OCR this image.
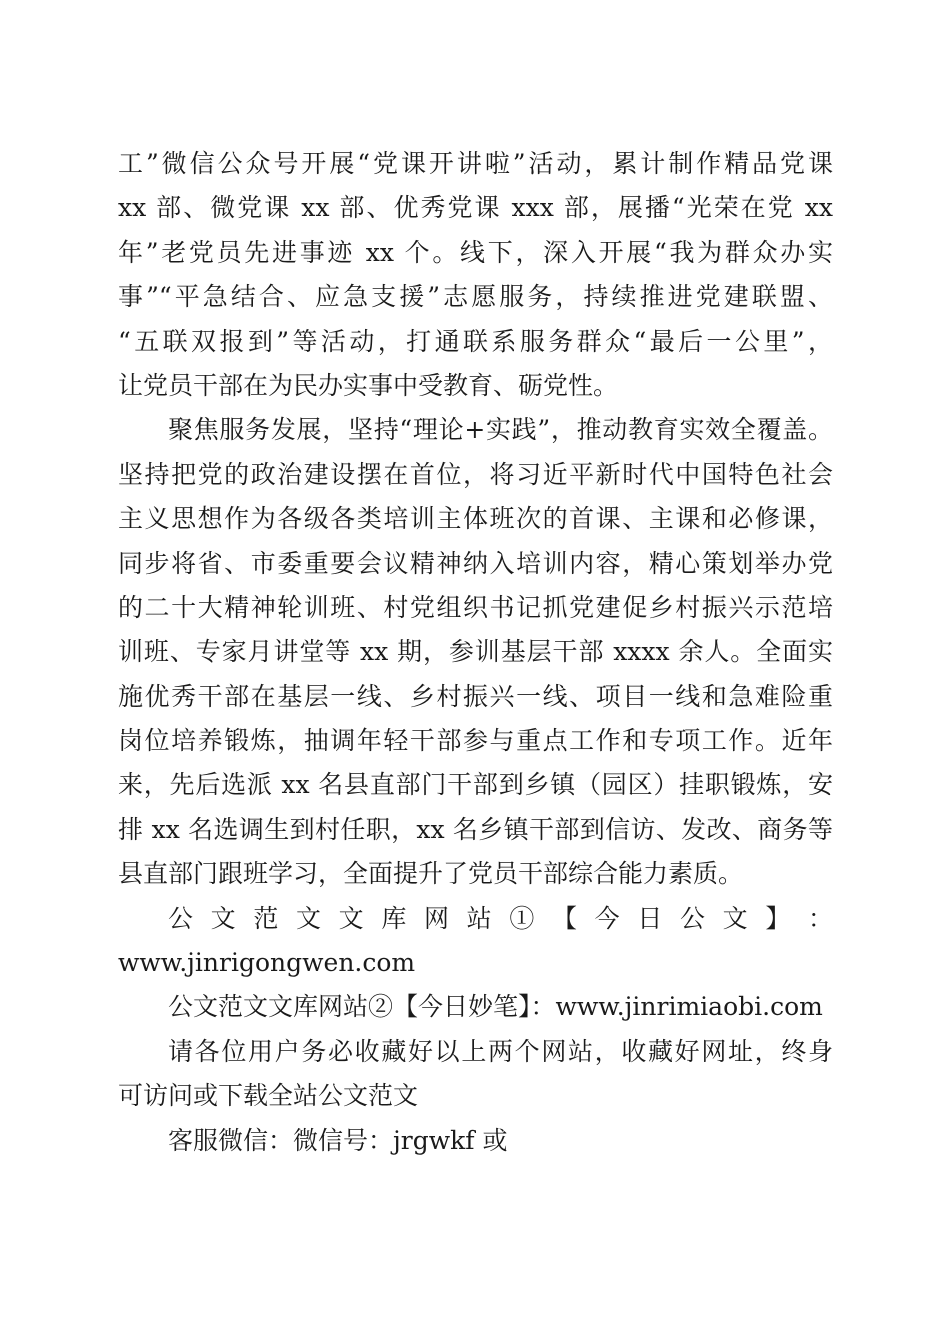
工”微信公众号开展“党课开讲啦”活动，累计制作精品党课
xx 部、微党课 xx 部、优秀党课 xxx 部，展播“光荣在党 xx
年”老党员先进事迹 xx 个。线下，深入开展“我为群众办实
事”“平急结合、应急支援”志愿服务，持续推进党建联盟、
“五联双报到”等活动，打通联系服务群众“最后一公里”，
让党员干部在为民办实事中受教育、砺党性。
聚焦服务发展，坚持“理论+实践”，推动教育实效全覆盖。
坚持把党的政治建设摆在首位，将习近平新时代中国特色社会
主义思想作为各级各类培训主体班次的首课、主课和必修课，
同步将省、市委重要会议精神纳入培训内容，精心策划举办党
的二十大精神轮训班、村党组织书记抓党建促乡村振兴示范培
训班、专家月讲堂等 xx 期，参训基层干部 xxxx 余人。全面实
施优秀干部在基层一线、乡村振兴一线、项目一线和急难险重
岗位培养锻炼，抽调年轻干部参与重点工作和专项工作。近年
来，先后选派 xx 名县直部门干部到乡镇（园区）挂职锻炼，安
排 xx 名选调生到村任职，xx 名乡镇干部到信访、发改、商务等
县直部门跟班学习，全面提升了党员干部综合能力素质。
公 文 范 文 文 库 网 站 ① 【 今 日 公 文 】 ：
www.jinrigongwen.com
公文范文文库网站②【今日妙笔】：www.jinrimiaobi.com
请各位用户务必收藏好以上两个网站，收藏好网址，终身
可访问或下载全站公文范文
客服微信：微信号：jrgwkf 或
